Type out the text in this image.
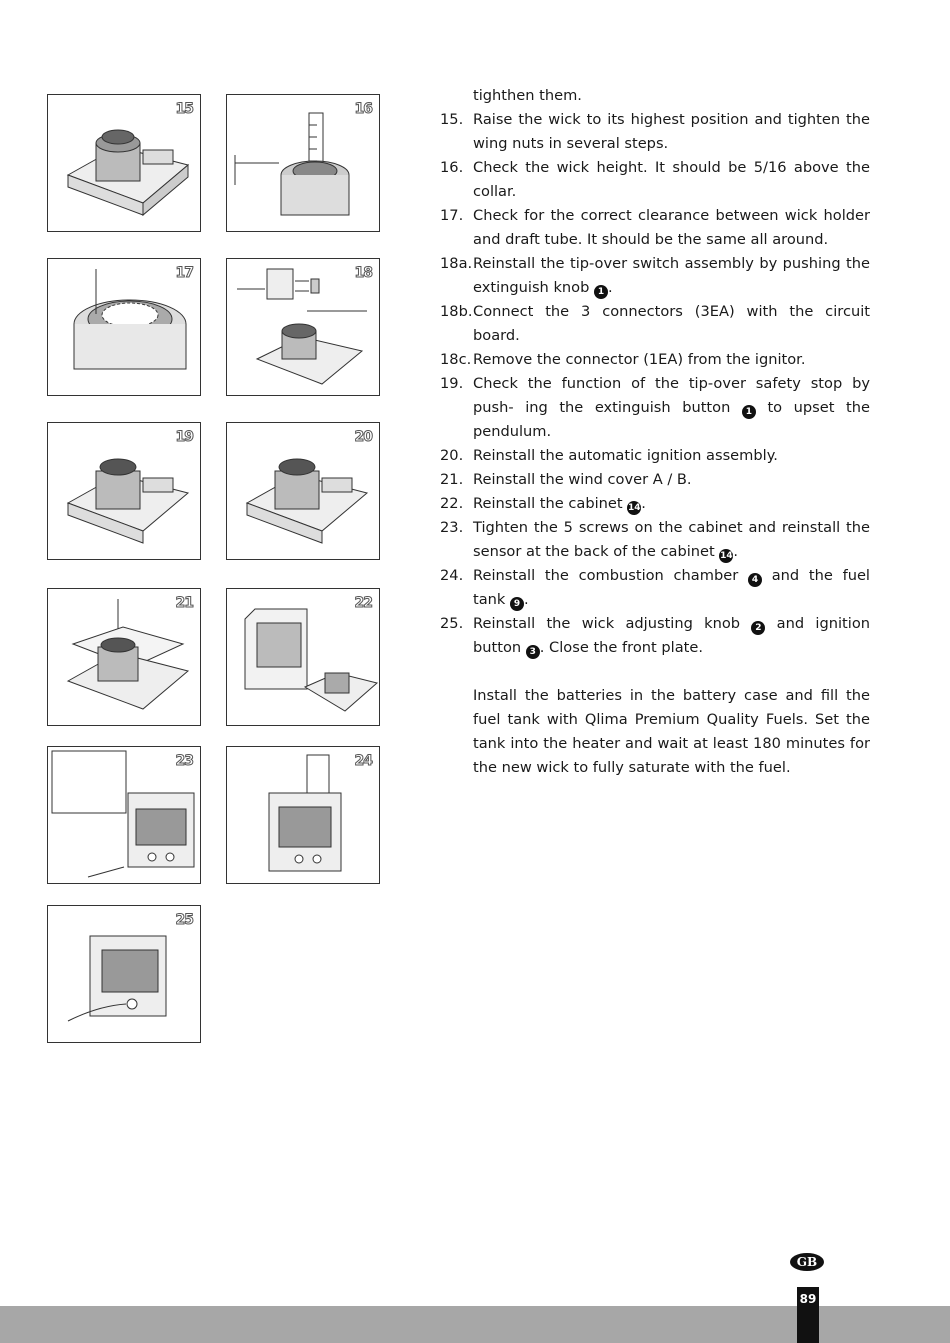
15	16
17	18
19	20
21	22
23	24
25
tighthen them.
15. Raise the wick to its highest position and tighten the wing nuts in several steps.
16. Check the wick height. It should be 5/16 above the collar.
17. Check for the correct clearance between wick holder and draft tube. It should be the same all around.
18a. Reinstall the tip-over switch assembly by pushing the extinguish knob 1 .
18b. Connect the 3 connectors (3EA) with the circuit board.
18c. Remove the connector (1EA) from the ignitor.
19. Check the function of the tip-over safety stop by push- ing the extinguish button 1 to upset the pendulum.
20. Reinstall the automatic ignition assembly.
21. Reinstall the wind cover A / B.
22. Reinstall the cabinet 14.
23. Tighten the 5 screws on the cabinet and reinstall the sensor at the back of the cabinet 14.
24. Reinstall the combustion chamber 4 and the fuel tank 9 .
25. Reinstall the wick adjusting knob 2 and ignition button 3 . Close the front plate.
Install the batteries in the battery case and fill the fuel tank with Qlima Premium Quality Fuels. Set the tank into the heater and wait at least 180 minutes for the new wick to fully saturate with the fuel.
GB
89
